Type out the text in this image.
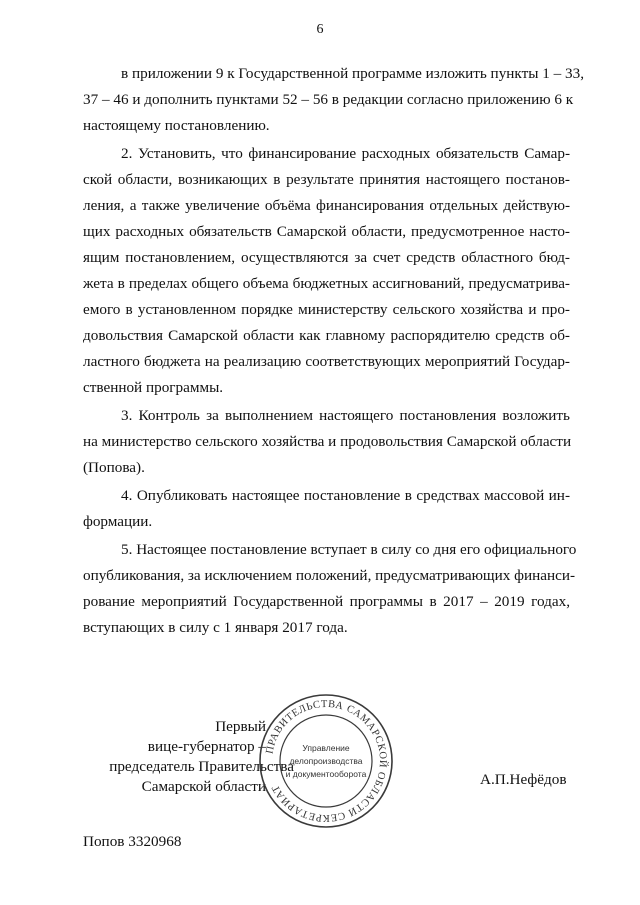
6
в приложении 9 к Государственной программе изложить пункты 1 – 33,
37 – 46 и дополнить пунктами 52 – 56 в редакции согласно приложению 6 к
настоящему постановлению.
2. Установить, что финансирование расходных обязательств Самар-
ской области, возникающих в результате принятия настоящего постанов-
ления, а также увеличение объёма финансирования отдельных действую-
щих расходных обязательств Самарской области, предусмотренное насто-
ящим постановлением, осуществляются за счет средств областного бюд-
жета в пределах общего объема бюджетных ассигнований, предусматрива-
емого в установленном порядке министерству сельского хозяйства и про-
довольствия Самарской области как главному распорядителю средств об-
ластного бюджета на реализацию соответствующих мероприятий Государ-
ственной программы.
3. Контроль за выполнением настоящего постановления возложить
на министерство сельского хозяйства и продовольствия Самарской области
(Попова).
4. Опубликовать настоящее постановление в средствах массовой ин-
формации.
5. Настоящее постановление вступает в силу со дня его официального
опубликования, за исключением положений, предусматривающих финанси-
рование мероприятий Государственной программы в 2017 – 2019 годах,
вступающих в силу с 1 января 2017 года.
Первый
вице-губернатор –
председатель Правительства
Самарской области
ПРАВИТЕЛЬСТВА САМАРСКОЙ ОБЛАСТИ СЕКРЕТАРИАТ
Управление
делопроизводства
и документооборота	А.П.Нефёдов
Попов 3320968
